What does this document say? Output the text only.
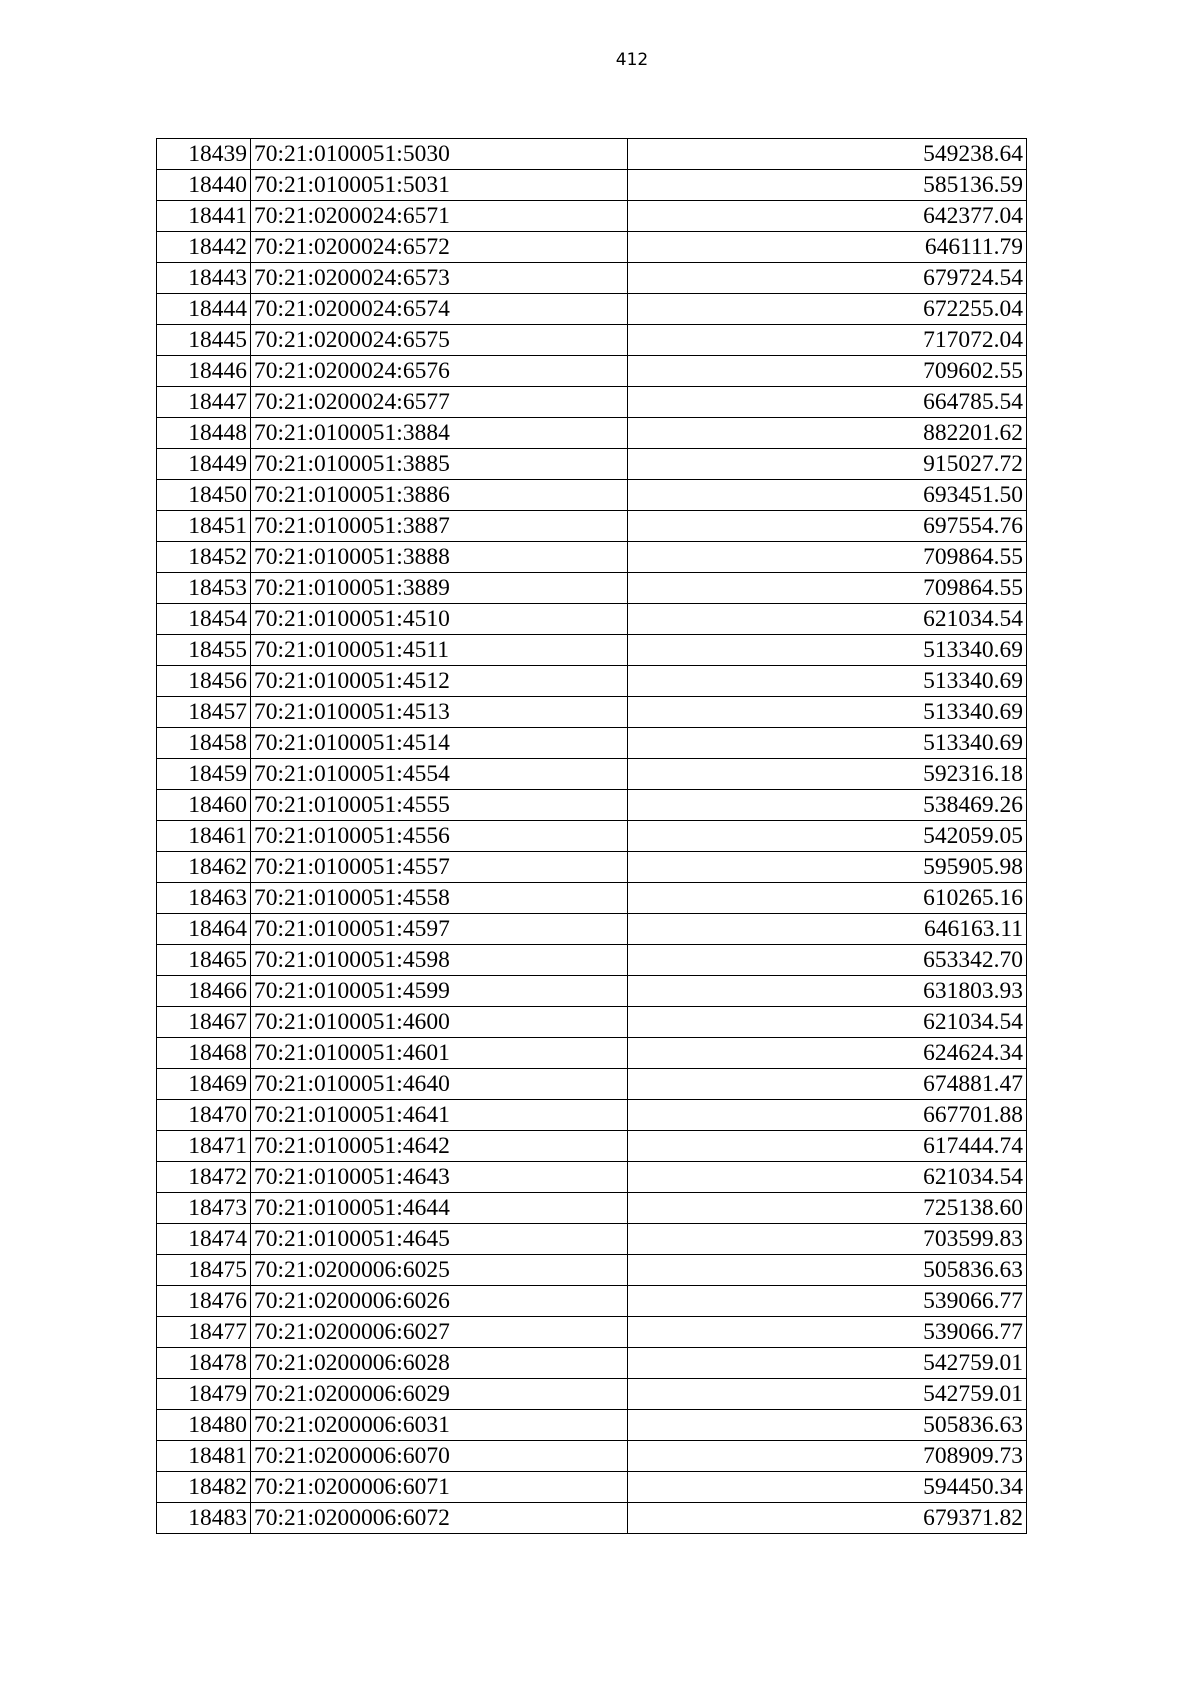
412
18439	70:21:0100051:5030	549238.64
18440	70:21:0100051:5031	585136.59
18441	70:21:0200024:6571	642377.04
18442	70:21:0200024:6572	646111.79
18443	70:21:0200024:6573	679724.54
18444	70:21:0200024:6574	672255.04
18445	70:21:0200024:6575	717072.04
18446	70:21:0200024:6576	709602.55
18447	70:21:0200024:6577	664785.54
18448	70:21:0100051:3884	882201.62
18449	70:21:0100051:3885	915027.72
18450	70:21:0100051:3886	693451.50
18451	70:21:0100051:3887	697554.76
18452	70:21:0100051:3888	709864.55
18453	70:21:0100051:3889	709864.55
18454	70:21:0100051:4510	621034.54
18455	70:21:0100051:4511	513340.69
18456	70:21:0100051:4512	513340.69
18457	70:21:0100051:4513	513340.69
18458	70:21:0100051:4514	513340.69
18459	70:21:0100051:4554	592316.18
18460	70:21:0100051:4555	538469.26
18461	70:21:0100051:4556	542059.05
18462	70:21:0100051:4557	595905.98
18463	70:21:0100051:4558	610265.16
18464	70:21:0100051:4597	646163.11
18465	70:21:0100051:4598	653342.70
18466	70:21:0100051:4599	631803.93
18467	70:21:0100051:4600	621034.54
18468	70:21:0100051:4601	624624.34
18469	70:21:0100051:4640	674881.47
18470	70:21:0100051:4641	667701.88
18471	70:21:0100051:4642	617444.74
18472	70:21:0100051:4643	621034.54
18473	70:21:0100051:4644	725138.60
18474	70:21:0100051:4645	703599.83
18475	70:21:0200006:6025	505836.63
18476	70:21:0200006:6026	539066.77
18477	70:21:0200006:6027	539066.77
18478	70:21:0200006:6028	542759.01
18479	70:21:0200006:6029	542759.01
18480	70:21:0200006:6031	505836.63
18481	70:21:0200006:6070	708909.73
18482	70:21:0200006:6071	594450.34
18483	70:21:0200006:6072	679371.82
